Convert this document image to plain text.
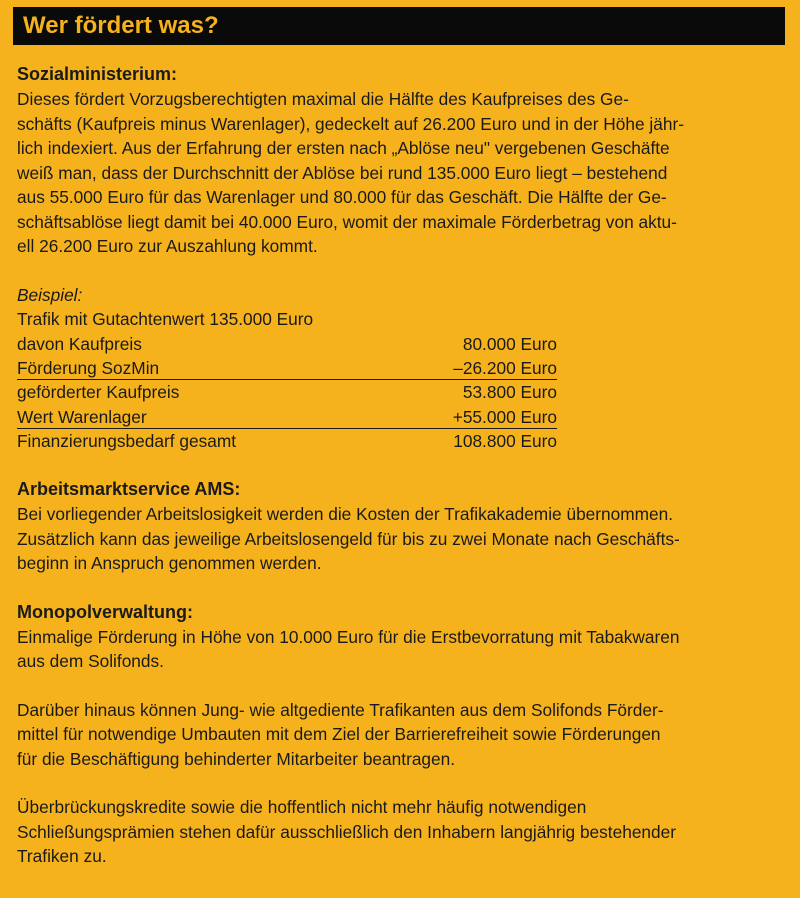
Wer fördert was?
Sozialministerium:
Dieses fördert Vorzugsberechtigten maximal die Hälfte des Kaufpreises des Ge-
schäfts (Kaufpreis minus Warenlager), gedeckelt auf 26.200 Euro und in der Höhe jähr-
lich indexiert. Aus der Erfahrung der ersten nach „Ablöse neu" vergebenen Geschäfte
weiß man, dass der Durchschnitt der Ablöse bei rund 135.000 Euro liegt – bestehend
aus 55.000 Euro für das Warenlager und 80.000 für das Geschäft. Die Hälfte der Ge-
schäftsablöse liegt damit bei 40.000 Euro, womit der maximale Förderbetrag von aktu-
ell 26.200 Euro zur Auszahlung kommt.
Beispiel:
Trafik mit Gutachtenwert 135.000 Euro
davon Kaufpreis	80.000 Euro
Förderung SozMin	–26.200 Euro
geförderter Kaufpreis	53.800 Euro
Wert Warenlager	+55.000 Euro
Finanzierungsbedarf gesamt	108.800 Euro
Arbeitsmarktservice AMS:
Bei vorliegender Arbeitslosigkeit werden die Kosten der Trafikakademie übernommen.
Zusätzlich kann das jeweilige Arbeitslosengeld für bis zu zwei Monate nach Geschäfts-
beginn in Anspruch genommen werden.
Monopolverwaltung:
Einmalige Förderung in Höhe von 10.000 Euro für die Erstbevorratung mit Tabakwaren
aus dem Solifonds.
Darüber hinaus können Jung- wie altgediente Trafikanten aus dem Solifonds Förder-
mittel für notwendige Umbauten mit dem Ziel der Barrierefreiheit sowie Förderungen
für die Beschäftigung behinderter Mitarbeiter beantragen.
Überbrückungskredite sowie die hoffentlich nicht mehr häufig notwendigen
Schließungsprämien stehen dafür ausschließlich den Inhabern langjährig bestehender
Trafiken zu.
